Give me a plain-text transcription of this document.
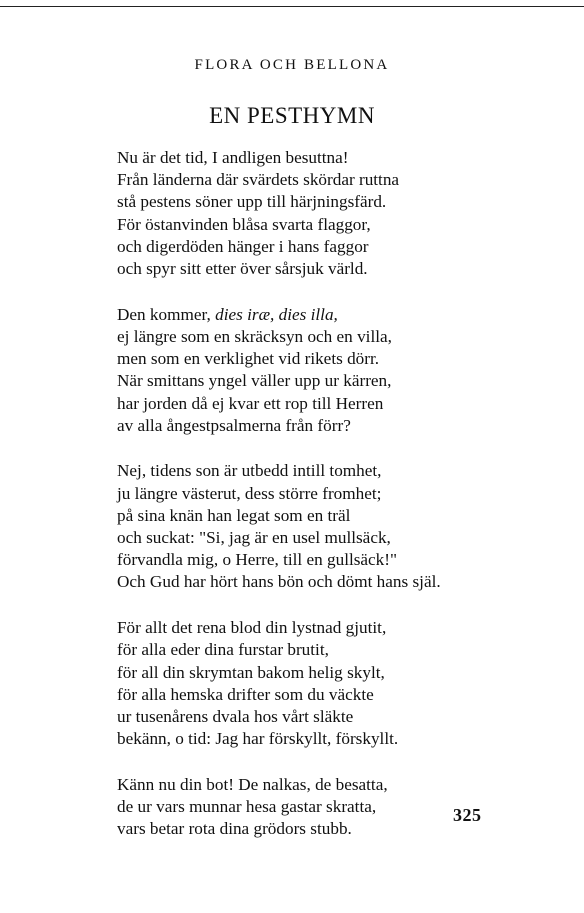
FLORA OCH BELLONA
EN PESTHYMN
Nu är det tid, I andligen besuttna!
Från länderna där svärdets skördar ruttna
stå pestens söner upp till härjningsfärd.
För östanvinden blåsa svarta flaggor,
och digerdöden hänger i hans faggor
och spyr sitt etter över sårsjuk värld.
Den kommer, dies iræ, dies illa,
ej längre som en skräcksyn och en villa,
men som en verklighet vid rikets dörr.
När smittans yngel väller upp ur kärren,
har jorden då ej kvar ett rop till Herren
av alla ångestpsalmerna från förr?
Nej, tidens son är utbedd intill tomhet,
ju längre västerut, dess större fromhet;
på sina knän han legat som en träl
och suckat: "Si, jag är en usel mullsäck,
förvandla mig, o Herre, till en gullsäck!"
Och Gud har hört hans bön och dömt hans själ.
För allt det rena blod din lystnad gjutit,
för alla eder dina furstar brutit,
för all din skrymtan bakom helig skylt,
för alla hemska drifter som du väckte
ur tusenårens dvala hos vårt släkte
bekänn, o tid: Jag har förskyllt, förskyllt.
Känn nu din bot! De nalkas, de besatta,
de ur vars munnar hesa gastar skratta,
vars betar rota dina grödors stubb.
325
